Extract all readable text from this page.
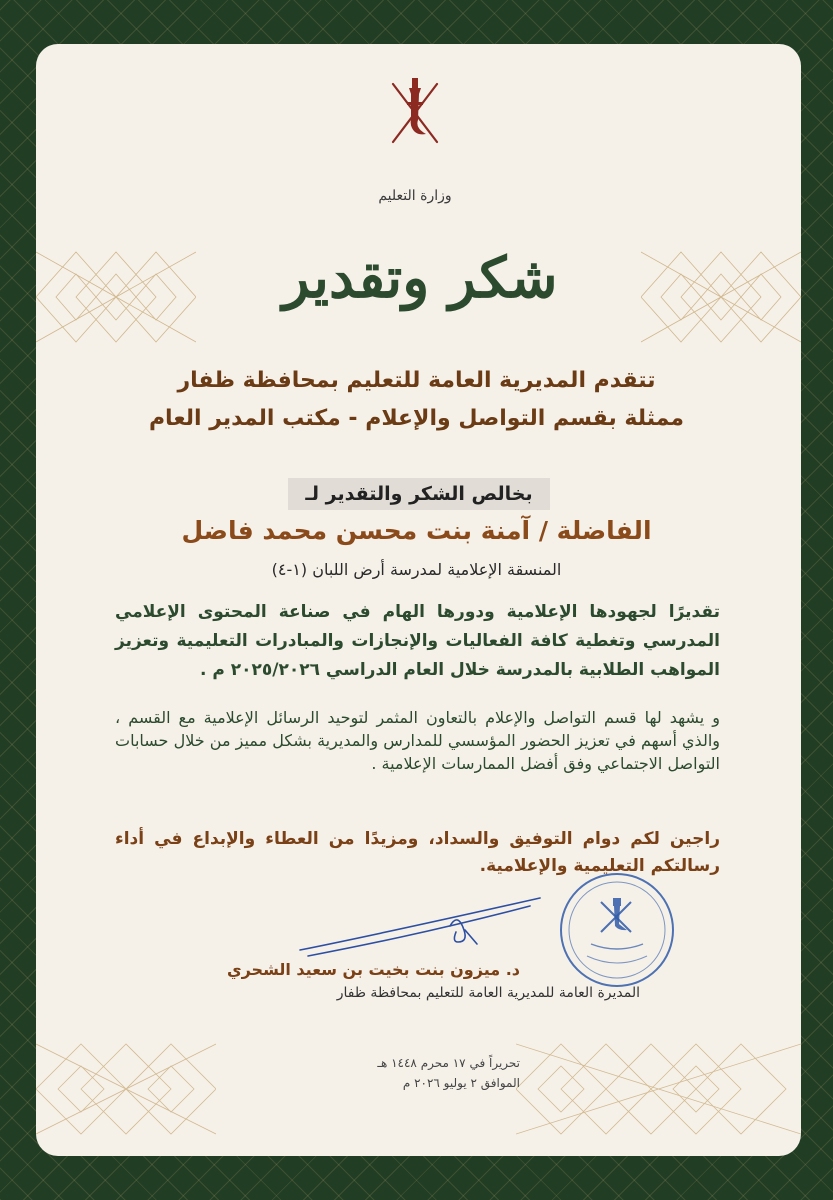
وزارة التعليم
شكر وتقدير
تتقدم المديرية العامة للتعليم بمحافظة ظفار
ممثلة بقسم التواصل والإعلام - مكتب المدير العام
بخالص الشكر والتقدير لـ
الفاضلة / آمنة بنت محسن محمد فاضل
المنسقة الإعلامية لمدرسة أرض اللبان (١-٤)
تقديرًا لجهودها الإعلامية ودورها الهام في صناعة المحتوى الإعلامي المدرسي وتغطية كافة الفعاليات والإنجازات والمبادرات التعليمية وتعزيز المواهب الطلابية بالمدرسة خلال العام الدراسي ٢٠٢٥/٢٠٢٦ م .
و يشهد لها قسم التواصل والإعلام بالتعاون المثمر لتوحيد الرسائل الإعلامية مع القسم ، والذي أسهم في تعزيز الحضور المؤسسي للمدارس والمديرية بشكل مميز من خلال حسابات التواصل الاجتماعي وفق أفضل الممارسات الإعلامية .
راجين لكم دوام التوفيق والسداد، ومزيدًا من العطاء والإبداع في أداء رسالتكم التعليمية والإعلامية.
د. ميزون بنت بخيت بن سعيد الشحري
المديرة العامة للمديرية العامة للتعليم بمحافظة ظفار
تحريراً في ١٧ محرم ١٤٤٨ هـ
الموافق ٢ يوليو ٢٠٢٦ م
